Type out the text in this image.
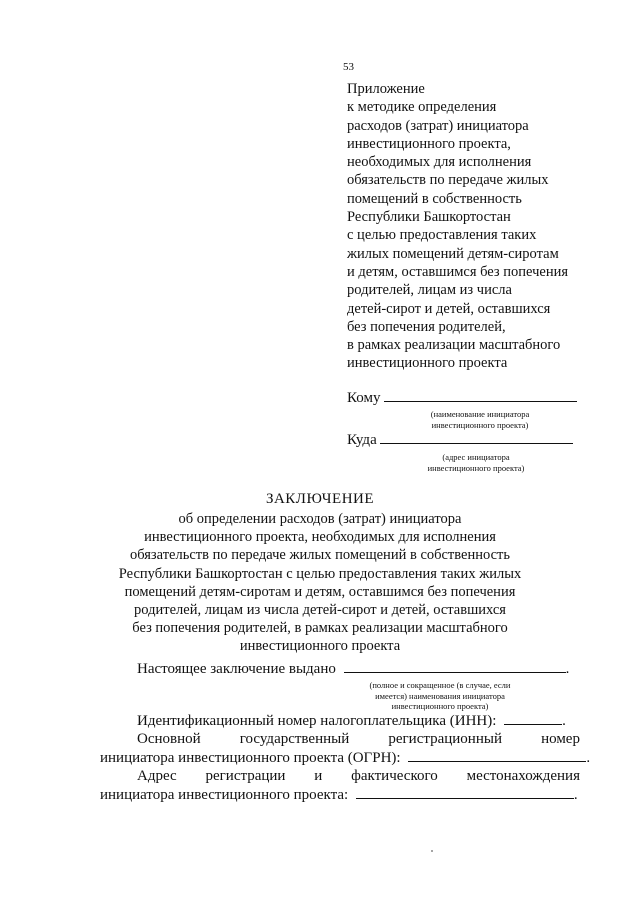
53
Приложение
к методике определения
расходов (затрат) инициатора
инвестиционного проекта,
необходимых для исполнения
обязательств по передаче жилых
помещений в собственность
Республики Башкортостан
с целью предоставления таких
жилых помещений детям-сиротам
и детям, оставшимся без попечения
родителей, лицам из числа
детей-сирот и детей, оставшихся
без попечения родителей,
в рамках реализации масштабного
инвестиционного проекта
Кому
(наименование инициатора
инвестиционного проекта)
Куда
(адрес инициатора
инвестиционного проекта)
ЗАКЛЮЧЕНИЕ
об определении расходов (затрат) инициатора
инвестиционного проекта, необходимых для исполнения
обязательств по передаче жилых помещений в собственность
Республики Башкортостан с целью предоставления таких жилых
помещений детям-сиротам и детям, оставшимся без попечения
родителей, лицам из числа детей-сирот и детей, оставшихся
без попечения родителей, в рамках реализации масштабного
инвестиционного проекта
Настоящее заключение выдано	.
(полное и сокращенное (в случае, если
имеется) наименования инициатора
инвестиционного проекта)
Идентификационный номер налогоплательщика (ИНН):	.
Основной	государственный	регистрационный	номер
инициатора инвестиционного проекта (ОГРН):	.
Адрес регистрации и фактического местонахождения
инициатора инвестиционного проекта:	.
